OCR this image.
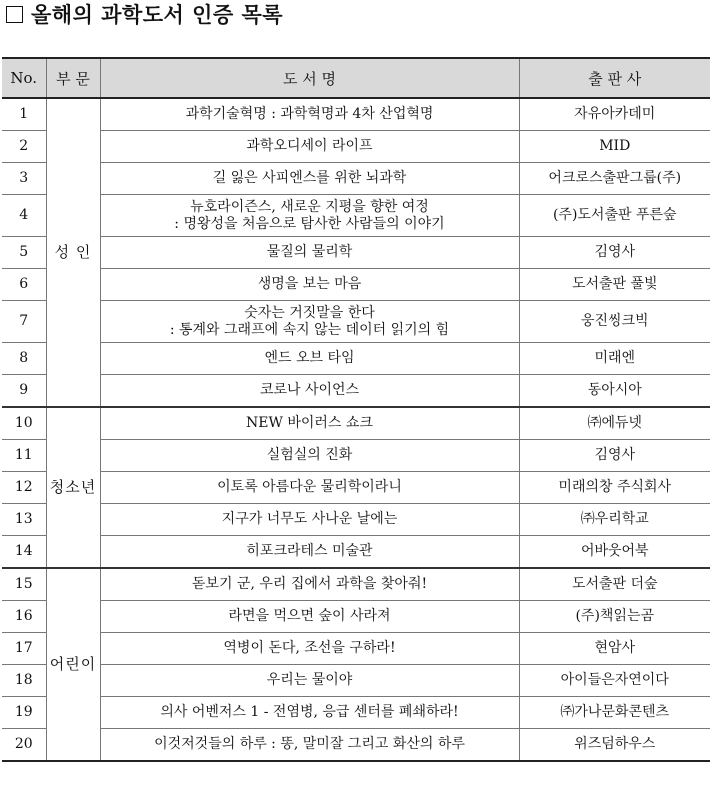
올해의 과학도서 인증 목록
No.	부 문	도 서 명	출 판 사
1	성 인	과학기술혁명 : 과학혁명과 4차 산업혁명	자유아카데미
2		과학오디세이 라이프	MID
3		길 잃은 사피엔스를 위한 뇌과학	어크로스출판그룹(주)
4		뉴호라이즌스, 새로운 지평을 향한 여정
: 명왕성을 처음으로 탐사한 사람들의 이야기	(주)도서출판 푸른숲
5		물질의 물리학	김영사
6		생명을 보는 마음	도서출판 풀빛
7		숫자는 거짓말을 한다
: 통계와 그래프에 속지 않는 데이터 읽기의 힘	웅진씽크빅
8		엔드 오브 타임	미래엔
9		코로나 사이언스	동아시아
10	청소년	NEW 바이러스 쇼크	㈜에듀넷
11		실험실의 진화	김영사
12		이토록 아름다운 물리학이라니	미래의창 주식회사
13		지구가 너무도 사나운 날에는	㈜우리학교
14		히포크라테스 미술관	어바웃어북
15	어린이	돋보기 군, 우리 집에서 과학을 찾아줘!	도서출판 더숲
16		라면을 먹으면 숲이 사라져	(주)책읽는곰
17		역병이 돈다, 조선을 구하라!	현암사
18		우리는 물이야	아이들은자연이다
19		의사 어벤저스 1 - 전염병, 응급 센터를 폐쇄하라!	㈜가나문화콘텐츠
20		이것저것들의 하루 : 똥, 말미잘 그리고 화산의 하루	위즈덤하우스
